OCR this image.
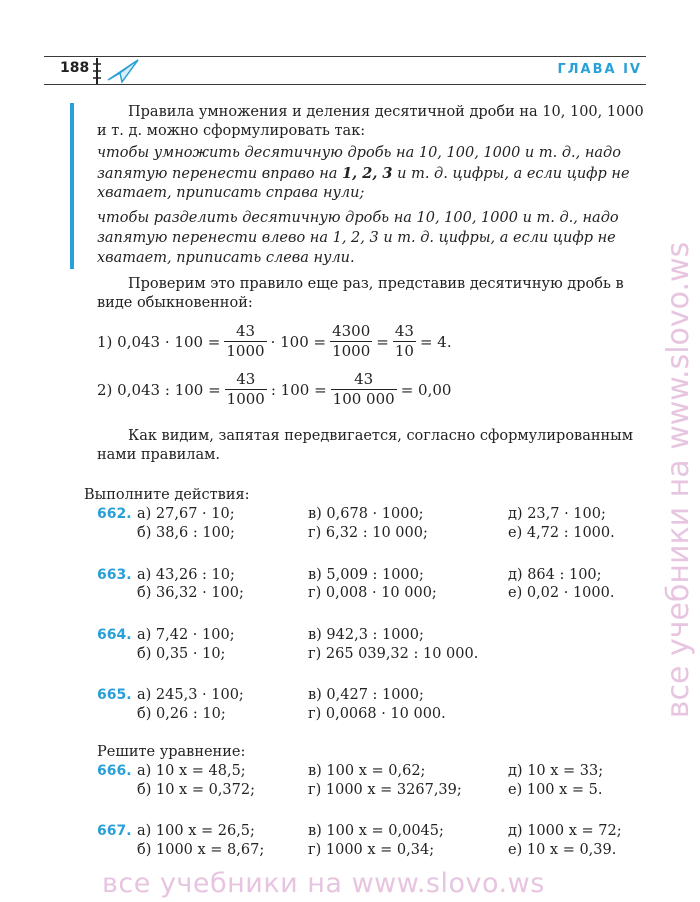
188	ГЛАВА IV
Правила умножения и деления десятичной дроби на 10, 100, 1000
и т. д. можно сформулировать так:
чтобы умножить десятичную дробь на 10, 100, 1000 и т. д., надо
запятую перенести вправо на 1, 2, 3 и т. д. цифры, а если цифр не
хватает, приписать справа нули;
чтобы разделить десятичную дробь на 10, 100, 1000 и т. д., надо
запятую перенести влево на 1, 2, 3 и т. д. цифры, а если цифр не
хватает, приписать слева нули.
Проверим это правило еще раз, представив десятичную дробь в
виде обыкновенной:
1) $0,043 \cdot 100 = \frac{43}{1000} \cdot 100 = \frac{4300}{1000} = \frac{43}{10} = 4$.
2) 0,043 : $100 = \frac{43}{1000}$ : $100 = \frac{43}{100 000} = 0,00$
Как видим, запятая передвигается, согласно сформулированным
нами правилам.
Выполните действия:
662. а) 27,67 · 10;
б) 38,6 : 100;
в) 0,678 · 1000;
г) 6,32 : 10 000;
д) 23,7 · 100;
е) 4,72 : 1000.
663. а) 43,26 : 10;
б) 36,32 · 100;
в) 5,009 : 1000;
г) 0,008 · 10 000;
д) 864 : 100;
е) 0,02 · 1000.
664. а) 7,42 · 100;
б) 0,35 · 10;
в) 942,3 : 1000;
г) 265 039,32 : 10 000.
665. а) 245,3 · 100;
б) 0,26 : 10;
в) 0,427 : 1000;
г) 0,0068 · 10 000.
Решите уравнение:
666. а) 10 x = 48,5;
б) 10 x = 0,372;
в) 100 x = 0,62;
г) 1000 x = 3267,39;
д) 10 x = 33;
е) 100 x = 5.
667. а) 100 x = 26,5;
б) 1000 x = 8,67;
в) 100 x = 0,0045;
г) 1000 x = 0,34;
д) 1000 x = 72;
е) 10 x = 0,39.
все учебники на www.slovo.ws
все учебники на www.slovo.ws
